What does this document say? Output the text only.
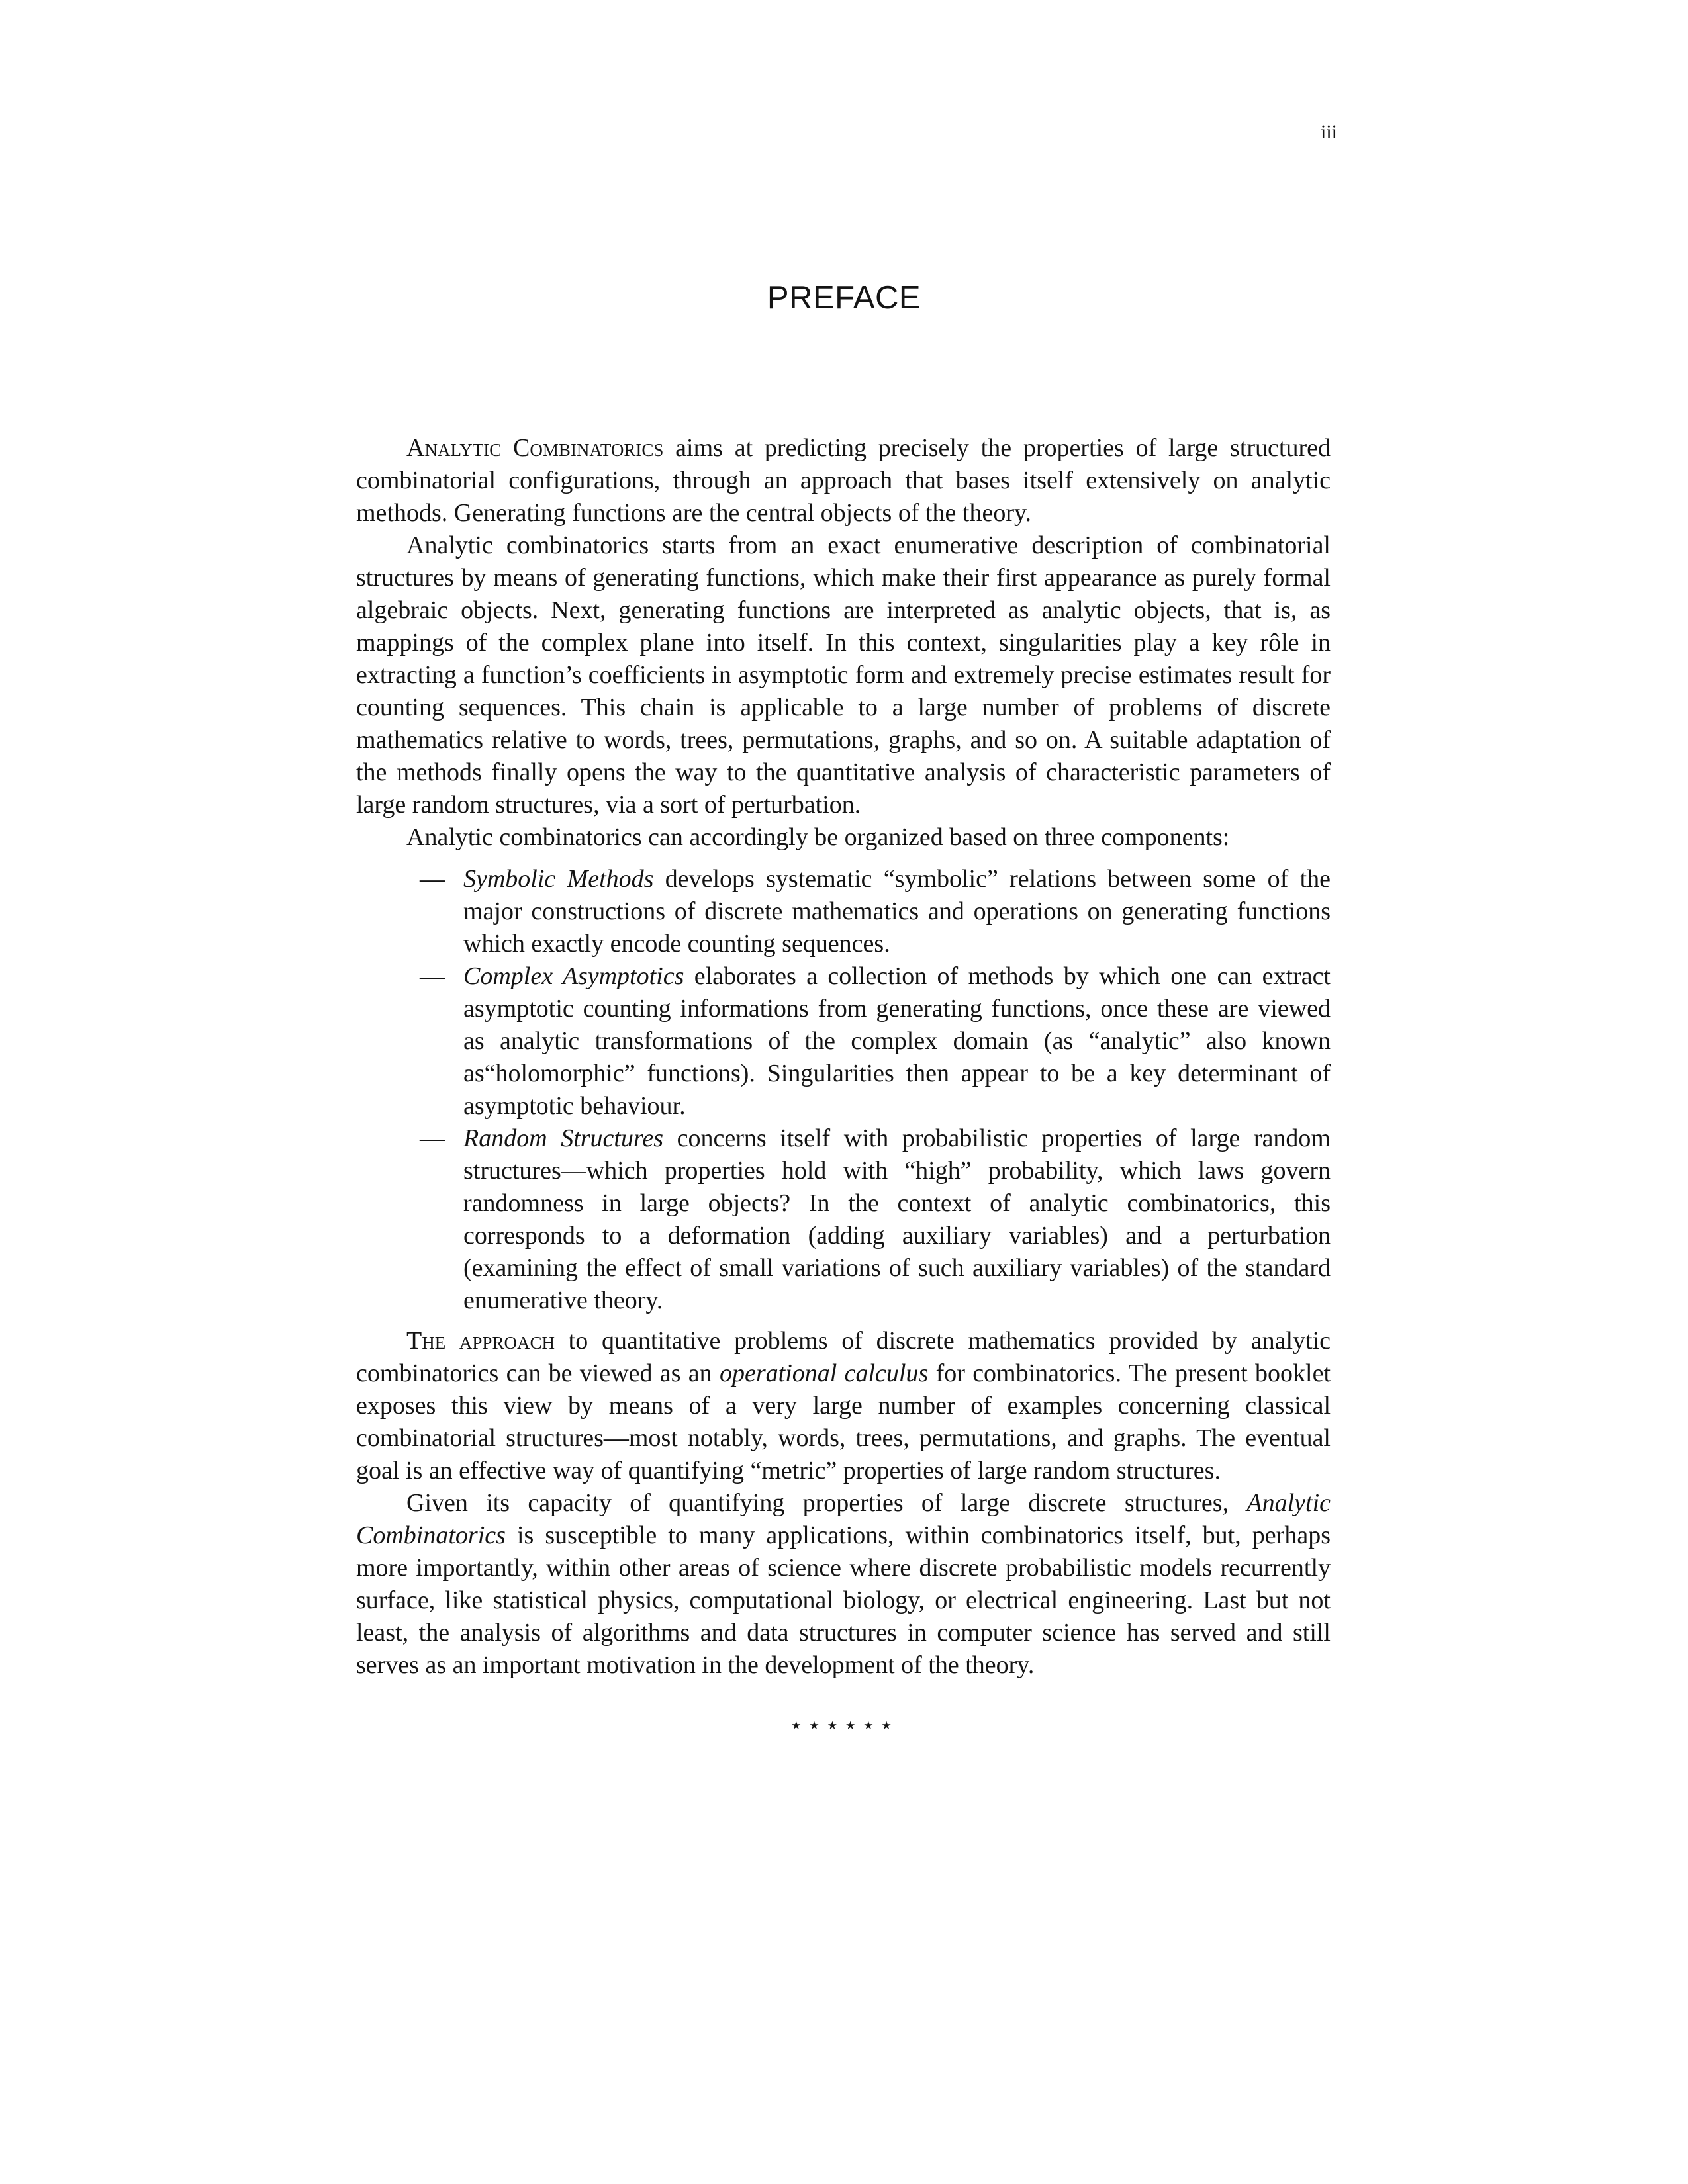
iii
PREFACE

Analytic Combinatorics aims at predicting precisely the properties of large structured combinatorial configurations, through an approach that bases itself extensively on analytic methods. Generating functions are the central objects of the theory.

Analytic combinatorics starts from an exact enumerative description of combinatorial structures by means of generating functions, which make their first appearance as purely formal algebraic objects. Next, generating functions are interpreted as analytic objects, that is, as mappings of the complex plane into itself. In this context, singularities play a key rôle in extracting a function’s coefficients in asymptotic form and extremely precise estimates result for counting sequences. This chain is applicable to a large number of problems of discrete mathematics relative to words, trees, permutations, graphs, and so on. A suitable adaptation of the methods finally opens the way to the quantitative analysis of characteristic parameters of large random structures, via a sort of perturbation.

Analytic combinatorics can accordingly be organized based on three components:

— Symbolic Methods develops systematic “symbolic” relations between some of the major constructions of discrete mathematics and operations on generating functions which exactly encode counting sequences.
— Complex Asymptotics elaborates a collection of methods by which one can extract asymptotic counting informations from generating functions, once these are viewed as analytic transformations of the complex domain (as “analytic” also known as“holomorphic” functions). Singularities then appear to be a key determinant of asymptotic behaviour.
— Random Structures concerns itself with probabilistic properties of large random structures—which properties hold with “high” probability, which laws govern randomness in large objects? In the context of analytic combinatorics, this corresponds to a deformation (adding auxiliary variables) and a perturbation (examining the effect of small variations of such auxiliary variables) of the standard enumerative theory.

The approach to quantitative problems of discrete mathematics provided by analytic combinatorics can be viewed as an operational calculus for combinatorics. The present booklet exposes this view by means of a very large number of examples concerning classical combinatorial structures—most notably, words, trees, permutations, and graphs. The eventual goal is an effective way of quantifying “metric” properties of large random structures.

Given its capacity of quantifying properties of large discrete structures, Analytic Combinatorics is susceptible to many applications, within combinatorics itself, but, perhaps more importantly, within other areas of science where discrete probabilistic models recurrently surface, like statistical physics, computational biology, or electrical engineering. Last but not least, the analysis of algorithms and data structures in computer science has served and still serves as an important motivation in the development of the theory.

⋆⋆⋆⋆⋆⋆
